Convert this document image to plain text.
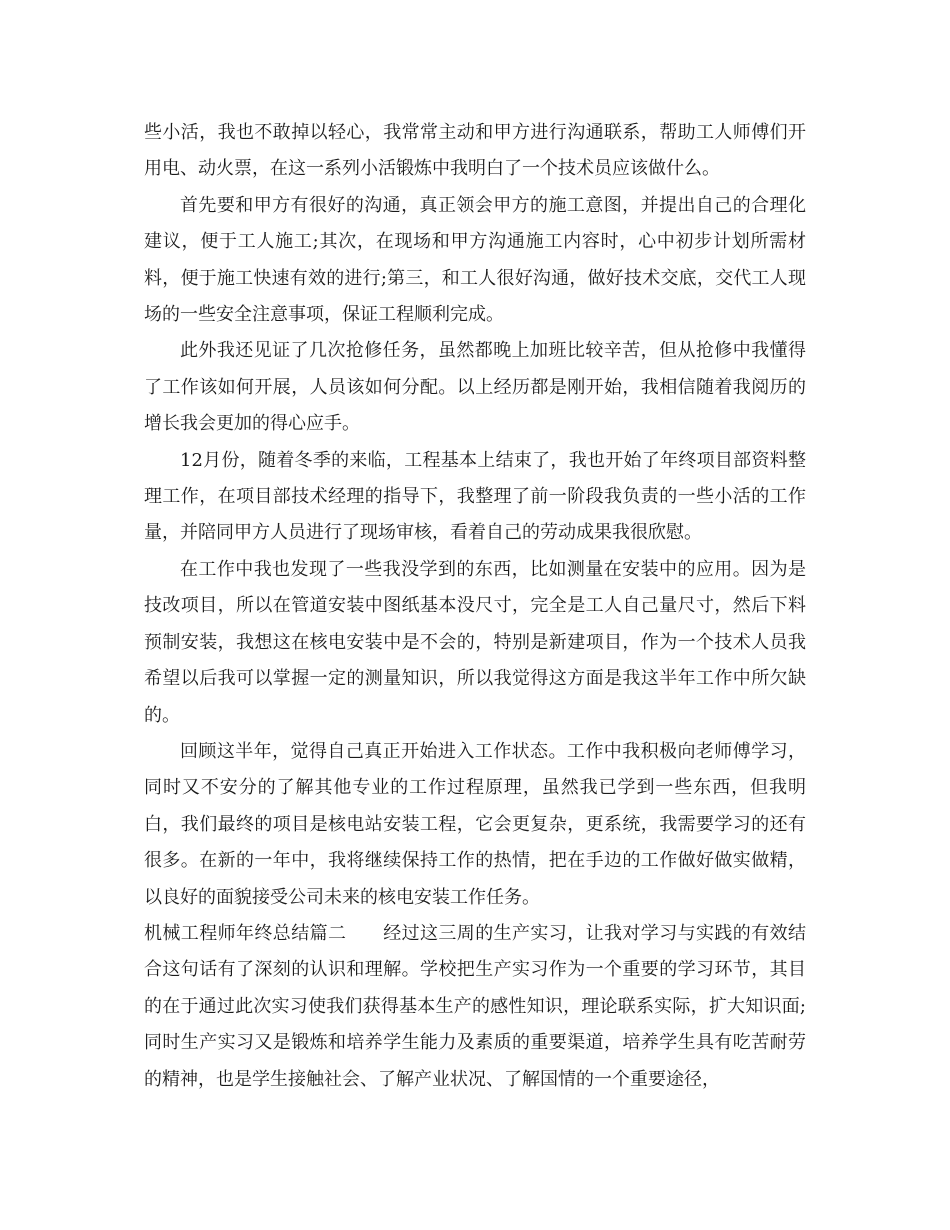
些小活，我也不敢掉以轻心，我常常主动和甲方进行沟通联系，帮助工人师傅们开用电、动火票，在这一系列小活锻炼中我明白了一个技术员应该做什么。

首先要和甲方有很好的沟通，真正领会甲方的施工意图，并提出自己的合理化建议，便于工人施工;其次，在现场和甲方沟通施工内容时，心中初步计划所需材料，便于施工快速有效的进行;第三，和工人很好沟通，做好技术交底，交代工人现场的一些安全注意事项，保证工程顺利完成。

此外我还见证了几次抢修任务，虽然都晚上加班比较辛苦，但从抢修中我懂得了工作该如何开展，人员该如何分配。以上经历都是刚开始，我相信随着我阅历的增长我会更加的得心应手。

12月份，随着冬季的来临，工程基本上结束了，我也开始了年终项目部资料整理工作，在项目部技术经理的指导下，我整理了前一阶段我负责的一些小活的工作量，并陪同甲方人员进行了现场审核，看着自己的劳动成果我很欣慰。

在工作中我也发现了一些我没学到的东西，比如测量在安装中的应用。因为是技改项目，所以在管道安装中图纸基本没尺寸，完全是工人自己量尺寸，然后下料预制安装，我想这在核电安装中是不会的，特别是新建项目，作为一个技术人员我希望以后我可以掌握一定的测量知识，所以我觉得这方面是我这半年工作中所欠缺的。

回顾这半年，觉得自己真正开始进入工作状态。工作中我积极向老师傅学习，同时又不安分的了解其他专业的工作过程原理，虽然我已学到一些东西，但我明白，我们最终的项目是核电站安装工程，它会更复杂，更系统，我需要学习的还有很多。在新的一年中，我将继续保持工作的热情，把在手边的工作做好做实做精，以良好的面貌接受公司未来的核电安装工作任务。

机械工程师年终总结篇二　　经过这三周的生产实习，让我对学习与实践的有效结合这句话有了深刻的认识和理解。学校把生产实习作为一个重要的学习环节，其目的在于通过此次实习使我们获得基本生产的感性知识，理论联系实际，扩大知识面;同时生产实习又是锻炼和培养学生能力及素质的重要渠道，培养学生具有吃苦耐劳的精神，也是学生接触社会、了解产业状况、了解国情的一个重要途径，
